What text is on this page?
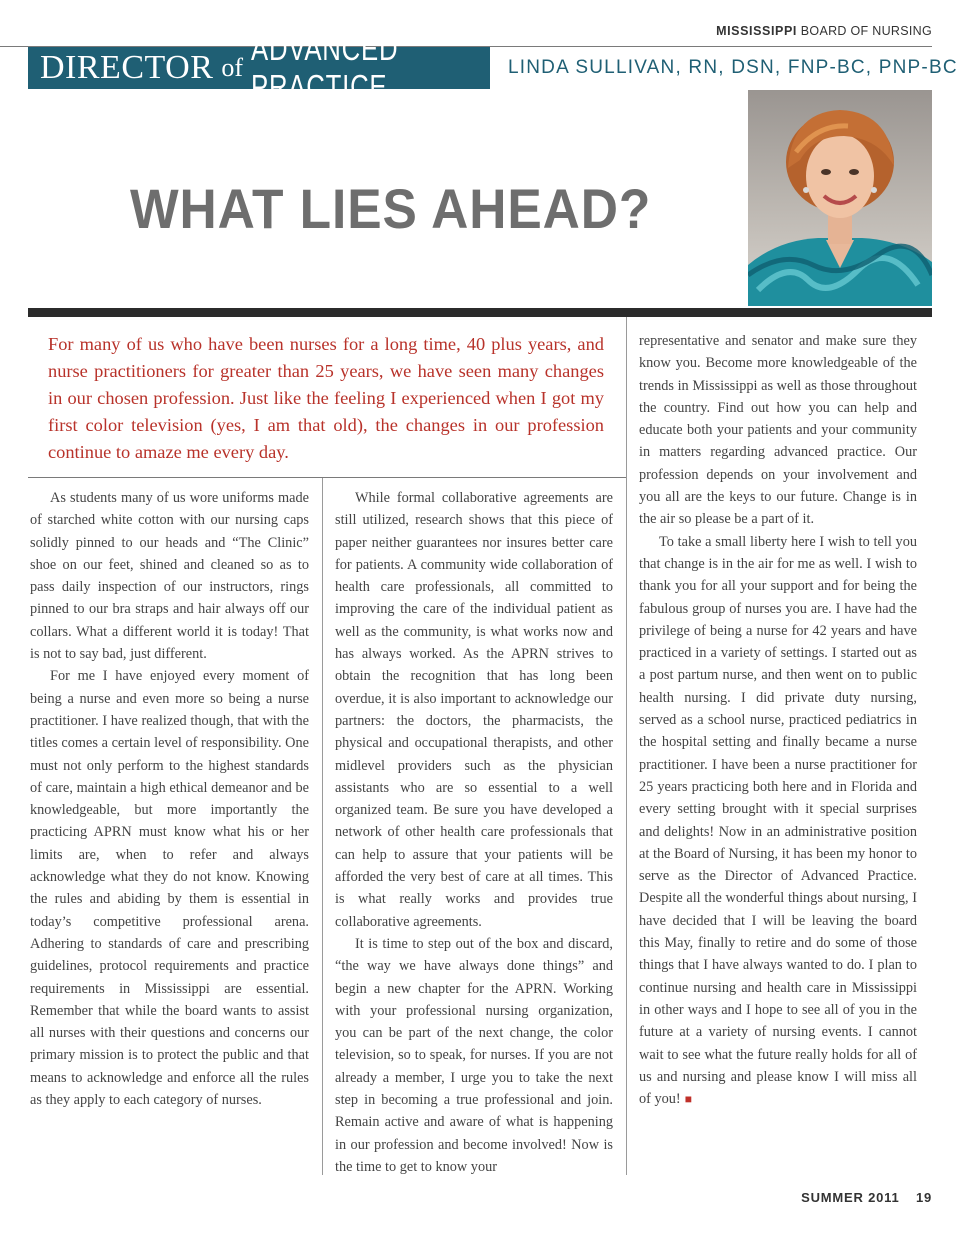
MISSISSIPPI BOARD OF NURSING
DIRECTOR of
ADVANCED PRACTICE
LINDA SULLIVAN, RN, DSN, FNP-BC, PNP-BC
WHAT LIES AHEAD?

For many of us who have been nurses for a long time, 40 plus years, and nurse practitioners for greater than 25 years, we have seen many changes in our chosen profession. Just like the feeling I experienced when I got my first color television (yes, I am that old), the changes in our profession continue to amaze me every day.

As students many of us wore uniforms made of starched white cotton with our nursing caps solidly pinned to our heads and “The Clinic” shoe on our feet, shined and cleaned so as to pass daily inspection of our instructors, rings pinned to our bra straps and hair always off our collars. What a different world it is today! That is not to say bad, just different.

For me I have enjoyed every moment of being a nurse and even more so being a nurse practitioner. I have realized though, that with the titles comes a certain level of responsibility. One must not only perform to the highest standards of care, maintain a high ethical demeanor and be knowledgeable, but more importantly the practicing APRN must know what his or her limits are, when to refer and always acknowledge what they do not know. Knowing the rules and abiding by them is essential in today’s competitive professional arena. Adhering to standards of care and prescribing guidelines, protocol requirements and practice requirements in Mississippi are essential. Remember that while the board wants to assist all nurses with their questions and concerns our primary mission is to protect the public and that means to acknowledge and enforce all the rules as they apply to each category of nurses.

While formal collaborative agreements are still utilized, research shows that this piece of paper neither guarantees nor insures better care for patients. A community wide collaboration of health care professionals, all committed to improving the care of the individual patient as well as the community, is what works now and has always worked. As the APRN strives to obtain the recognition that has long been overdue, it is also important to acknowledge our partners: the doctors, the pharmacists, the physical and occupational therapists, and other midlevel providers such as the physician assistants who are so essential to a well organized team. Be sure you have developed a network of other health care professionals that can help to assure that your patients will be afforded the very best of care at all times. This is what really works and provides true collaborative agreements.

It is time to step out of the box and discard, “the way we have always done things” and begin a new chapter for the APRN. Working with your professional nursing organization, you can be part of the next change, the color television, so to speak, for nurses. If you are not already a member, I urge you to take the next step in becoming a true professional and join. Remain active and aware of what is happening in our profession and become involved! Now is the time to get to know your

representative and senator and make sure they know you. Become more knowledgeable of the trends in Mississippi as well as those throughout the country. Find out how you can help and educate both your patients and your community in matters regarding advanced practice. Our profession depends on your involvement and you all are the keys to our future. Change is in the air so please be a part of it.

To take a small liberty here I wish to tell you that change is in the air for me as well. I wish to thank you for all your support and for being the fabulous group of nurses you are. I have had the privilege of being a nurse for 42 years and have practiced in a variety of settings. I started out as a post partum nurse, and then went on to public health nursing. I did private duty nursing, served as a school nurse, practiced pediatrics in the hospital setting and finally became a nurse practitioner. I have been a nurse practitioner for 25 years practicing both here and in Florida and every setting brought with it special surprises and delights! Now in an administrative position at the Board of Nursing, it has been my honor to serve as the Director of Advanced Practice. Despite all the wonderful things about nursing, I have decided that I will be leaving the board this May, finally to retire and do some of those things that I have always wanted to do. I plan to continue nursing and health care in Mississippi in other ways and I hope to see all of you in the future at a variety of nursing events. I cannot wait to see what the future really holds for all of us and nursing and please know I will miss all of you! ■

SUMMER 2011 19
